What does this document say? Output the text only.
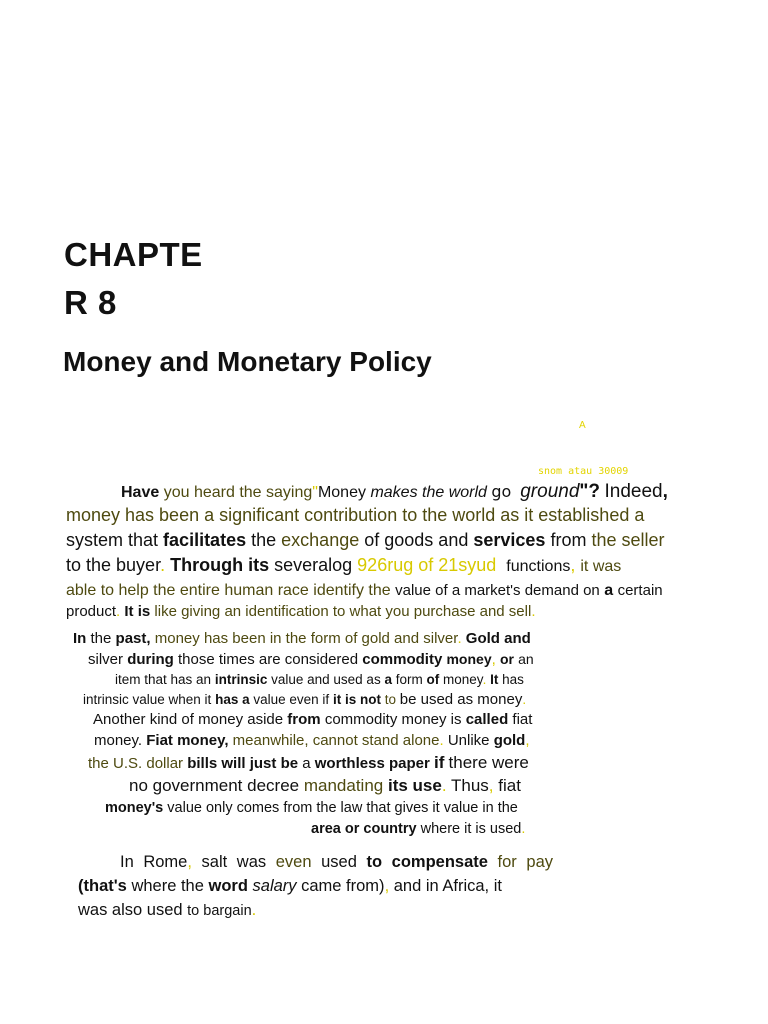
CHAPTE
R 8
Money and Monetary Policy
A
snom atau 30009
Have you heard the saying"Money makes the world go ground"? Indeed,
money has been a significant contribution to the world as it established a
system that facilitates the exchange of goods and services from the seller
to the buyer. Through its severalog 926rug of 21syud functions, it was
able to help the entire human race identify the value of a market's demand on a certain
product. It is like giving an identification to what you purchase and sell.
In the past, money has been in the form of gold and silver. Gold and
silver during those times are considered commodity money, or an
item that has an intrinsic value and used as a form of money. It has
intrinsic value when it has a value even if it is not to be used as money.
Another kind of money aside from commodity money is called fiat
money. Fiat money, meanwhile, cannot stand alone. Unlike gold,
the U.S. dollar bills will just be a worthless paper if there were
no government decree mandating its use. Thus, fiat
money's value only comes from the law that gives it value in the
area or country where it is used.
In Rome, salt was even used to compensate for pay
(that's where the word salary came from), and in Africa, it
was also used to bargain.
